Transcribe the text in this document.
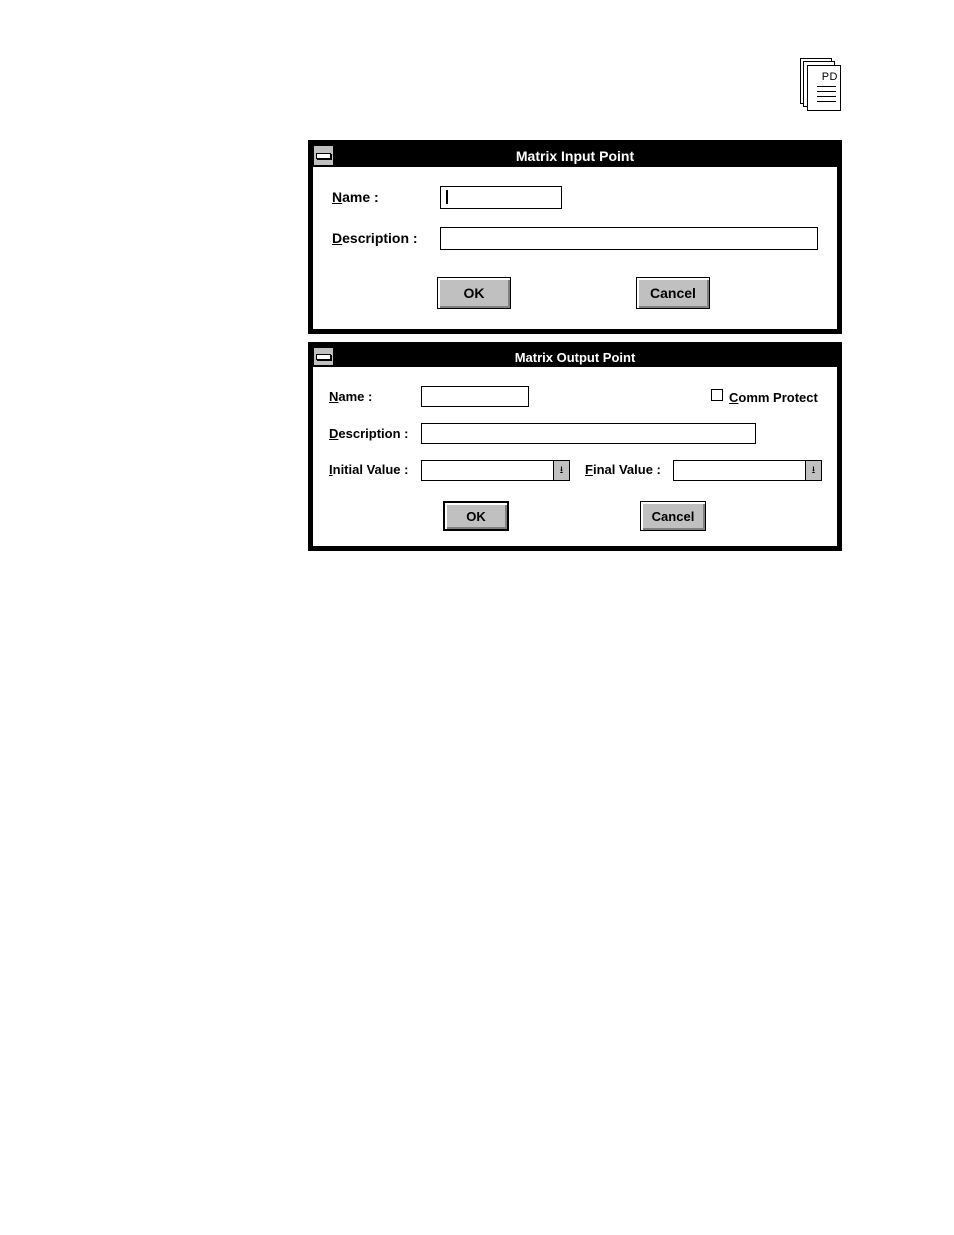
PD
Matrix Input Point
Name :
Description :
OK	Cancel
Matrix Output Point
Name :	Comm Protect
Description :
Initial Value :	⭳	Final Value :	⭳
OK	Cancel
